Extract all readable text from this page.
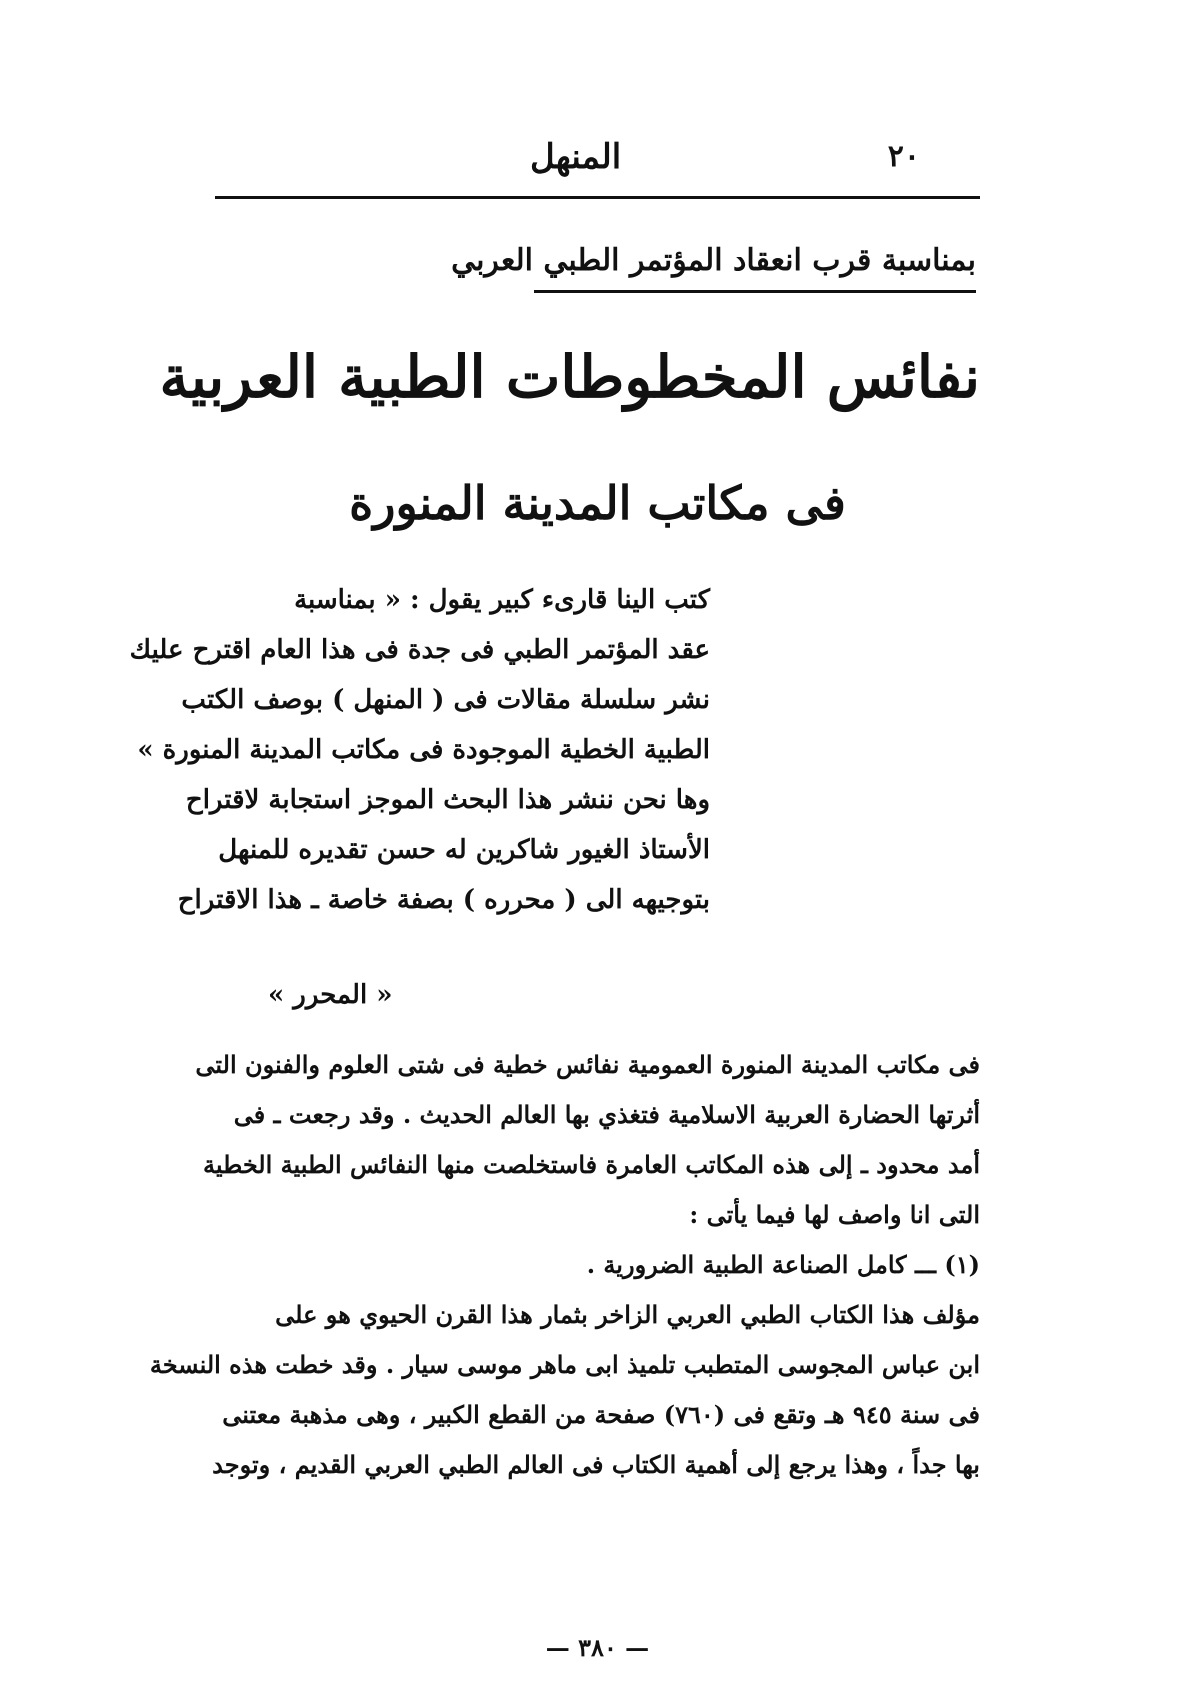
المنهل	٢٠
بمناسبة قرب انعقاد المؤتمر الطبي العربي
نفائس المخطوطات الطبية العربية
فى مكاتب المدينة المنورة

كتب الينا قارىء كبير يقول : « بمناسبة

عقد المؤتمر الطبي فى جدة فى هذا العام اقترح عليك

نشر سلسلة مقالات فى ( المنهل ) بوصف الكتب

الطبية الخطية الموجودة فى مكاتب المدينة المنورة »

وها نحن ننشر هذا البحث الموجز استجابة لاقتراح

الأستاذ الغيور شاكرين له حسن تقديره للمنهل

بتوجيهه الى ( محرره ) بصفة خاصة ـ هذا الاقتراح

« المحرر »

فى مكاتب المدينة المنورة العمومية نفائس خطية فى شتى العلوم والفنون التى

أثرتها الحضارة العربية الاسلامية فتغذي بها العالم الحديث . وقد رجعت ـ فى

أمد محدود ـ إلى هذه المكاتب العامرة فاستخلصت منها النفائس الطبية الخطية

التى انا واصف لها فيما يأتى :

(١) ـــ كامل الصناعة الطبية الضرورية .

مؤلف هذا الكتاب الطبي العربي الزاخر بثمار هذا القرن الحيوي هو على

ابن عباس المجوسى المتطبب تلميذ ابى ماهر موسى سيار . وقد خطت هذه النسخة

فى سنة ٩٤٥ هـ وتقع فى (٧٦٠) صفحة من القطع الكبير ، وهى مذهبة معتنى

بها جداً ، وهذا يرجع إلى أهمية الكتاب فى العالم الطبي العربي القديم ، وتوجد

— ٣٨٠ —
